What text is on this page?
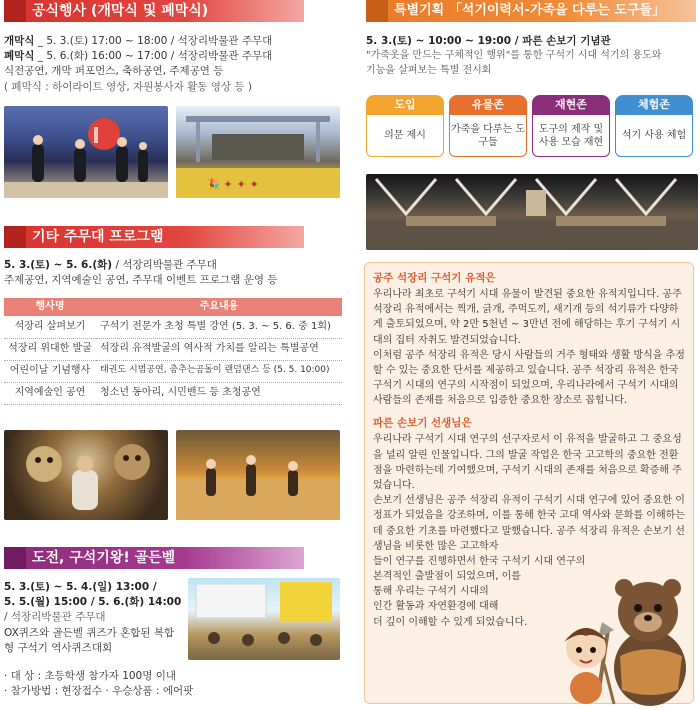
공식행사 (개막식 및 폐막식)
개막식 _ 5. 3.(토) 17:00 ~ 18:00 / 석장리박물관 주무대
폐막식 _ 5. 6.(화) 16:00 ~ 17:00 / 석장리박물관 주무대
식전공연, 개막 퍼포먼스, 축하공연, 주제공연 등
( 폐막식 : 하이라이트 영상, 자원봉사자 활동 영상 등 )
🎉 ✦ ✦ ✦
기타 주무대 프로그램
5. 3.(토) ~ 5. 6.(화) / 석장리박물관 주무대
주제공연, 지역예술인 공연, 주무대 이벤트 프로그램 운영 등
행사명	주요내용
석장리 살펴보기	구석기 전문가 초청 특별 강연 (5. 3. ~ 5. 6. 중 1회)
석장리 위대한 발굴	석장리 유적발굴의 역사적 가치를 알리는 특별공연
어린이날 기념행사	태권도 시범공연, 춤추는곰돌이 랜덤댄스 등 (5. 5. 10:00)
지역예술인 공연	청소년 동아리, 시민밴드 등 초청공연
도전, 구석기왕! 골든벨
5. 3.(토) ~ 5. 4.(일) 13:00 /
5. 5.(월) 15:00 / 5. 6.(화) 14:00
/ 석장리박물관 주무대
OX퀴즈와 골든벨 퀴즈가 혼합된 복합
형 구석기 역사퀴즈대회
· 대 상 : 초등학생 참가자 100명 이내
· 참가방법 : 현장접수 · 우승상품 : 에어팟
특별기획 「석기이력서-가족을 다루는 도구들」
5. 3.(토) ~ 10:00 ~ 19:00 / 파른 손보기 기념관
"가죽옷을 만드는 구체적인 행위"를 통한 구석기 시대 석기의 용도와
기능을 살펴보는 특별 전시회
도입
의문 제시
유물존
가죽을 다루는 도구들
재현존
도구의 제작 및 사용 모습 재현
체험존
석기 사용 체험

공주 석장리 구석기 유적은

우리나라 최초로 구석기 시대 유물이 발견된 중요한 유적지입니다. 공주 석장리 유적에서는 찍개, 긁개, 주먹도끼, 새기개 등의 석기류가 다양하게 출토되었으며, 약 2만 5천년 ~ 3만년 전에 해당하는 후기 구석기 시대의 집터 자취도 발견되었습니다.

이처럼 공주 석장리 유적은 당시 사람들의 거주 형태와 생활 방식을 추정할 수 있는 중요한 단서를 제공하고 있습니다. 공주 석장리 유적은 한국 구석기 시대의 연구의 시작점이 되었으며, 우리나라에서 구석기 시대의 사람들의 존재를 처음으로 입증한 중요한 장소로 꼽힙니다.

파른 손보기 선생님은

우리나라 구석기 시대 연구의 선구자로서 이 유적을 발굴하고 그 중요성을 널리 알린 인물입니다. 그의 발굴 작업은 한국 고고학의 중요한 전환점을 마련하는데 기여했으며, 구석기 시대의 존재를 처음으로 확증해 주었습니다.

손보기 선생님은 공주 석장리 유적이 구석기 시대 연구에 있어 중요한 이정표가 되었음을 강조하며, 이를 통해 한국 고대 역사와 문화를 이해하는 데 중요한 기초를 마련했다고 말했습니다. 공주 석장리 유적은 손보기 선생님을 비롯한 많은 고고학자

들이 연구를 진행하면서 한국 구석기 시대 연구의

본격적인 출발점이 되었으며, 이를

통해 우리는 구석기 시대의

인간 활동과 자연환경에 대해

더 깊이 이해할 수 있게 되었습니다.
